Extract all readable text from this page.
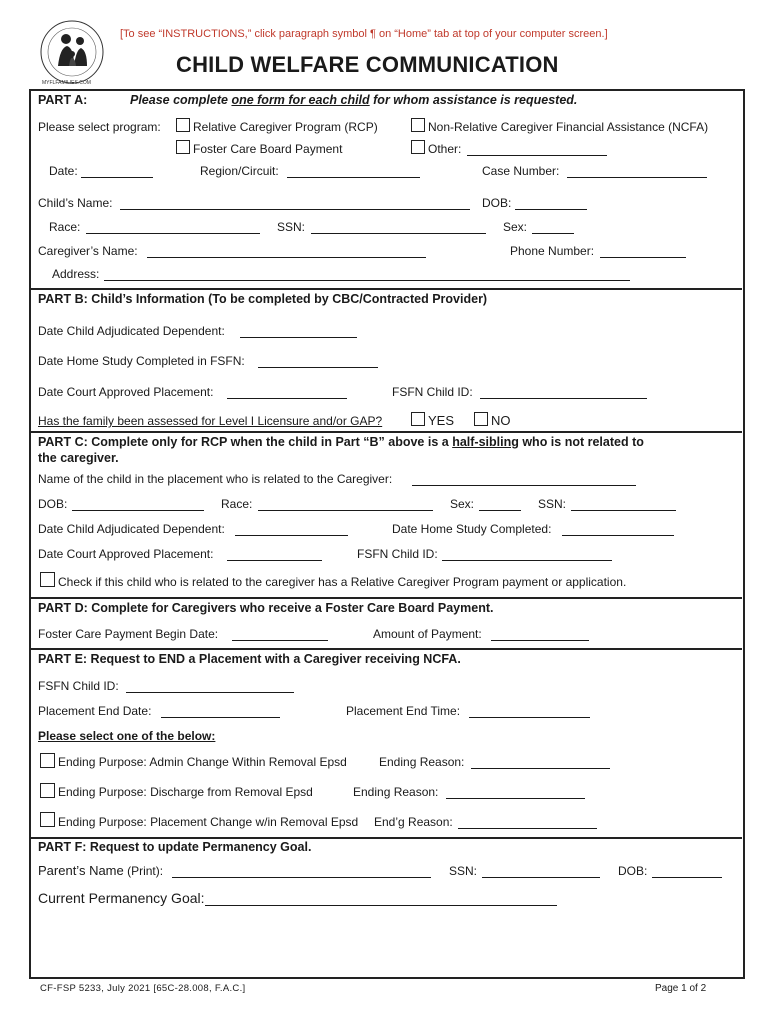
MYFLFAMILIES.COM
[To see “INSTRUCTIONS,” click paragraph symbol ¶ on “Home” tab at top of your computer screen.]
CHILD WELFARE COMMUNICATION
PART A:	Please complete one form for each child for whom assistance is requested.
Please select program:	Relative Caregiver Program (RCP)	Non-Relative Caregiver Financial Assistance (NCFA)
Foster Care Board Payment	Other:
Date:	Region/Circuit:	Case Number:
Child’s Name:	DOB:
Race:	SSN:	Sex:
Caregiver’s Name:	Phone Number:
Address:
PART B: Child’s Information (To be completed by CBC/Contracted Provider)
Date Child Adjudicated Dependent:
Date Home Study Completed in FSFN:
Date Court Approved Placement:	FSFN Child ID:
Has the family been assessed for Level I Licensure and/or GAP?	YES	NO
PART C: Complete only for RCP when the child in Part “B” above is a half-sibling who is not related to
the caregiver.
Name of the child in the placement who is related to the Caregiver:
DOB:	Race:	Sex:	SSN:
Date Child Adjudicated Dependent:	Date Home Study Completed:
Date Court Approved Placement:	FSFN Child ID:
Check if this child who is related to the caregiver has a Relative Caregiver Program payment or application.
PART D: Complete for Caregivers who receive a Foster Care Board Payment.
Foster Care Payment Begin Date:	Amount of Payment:
PART E: Request to END a Placement with a Caregiver receiving NCFA.
FSFN Child ID:
Placement End Date:	Placement End Time:
Please select one of the below:
Ending Purpose: Admin Change Within Removal Epsd	Ending Reason:
Ending Purpose: Discharge from Removal Epsd	Ending Reason:
Ending Purpose: Placement Change w/in Removal Epsd End’g Reason:
PART F: Request to update Permanency Goal.
Parent’s Name (Print):	SSN:	DOB:
Current Permanency Goal:
CF-FSP 5233, July 2021 [65C-28.008, F.A.C.]	Page 1 of 2
